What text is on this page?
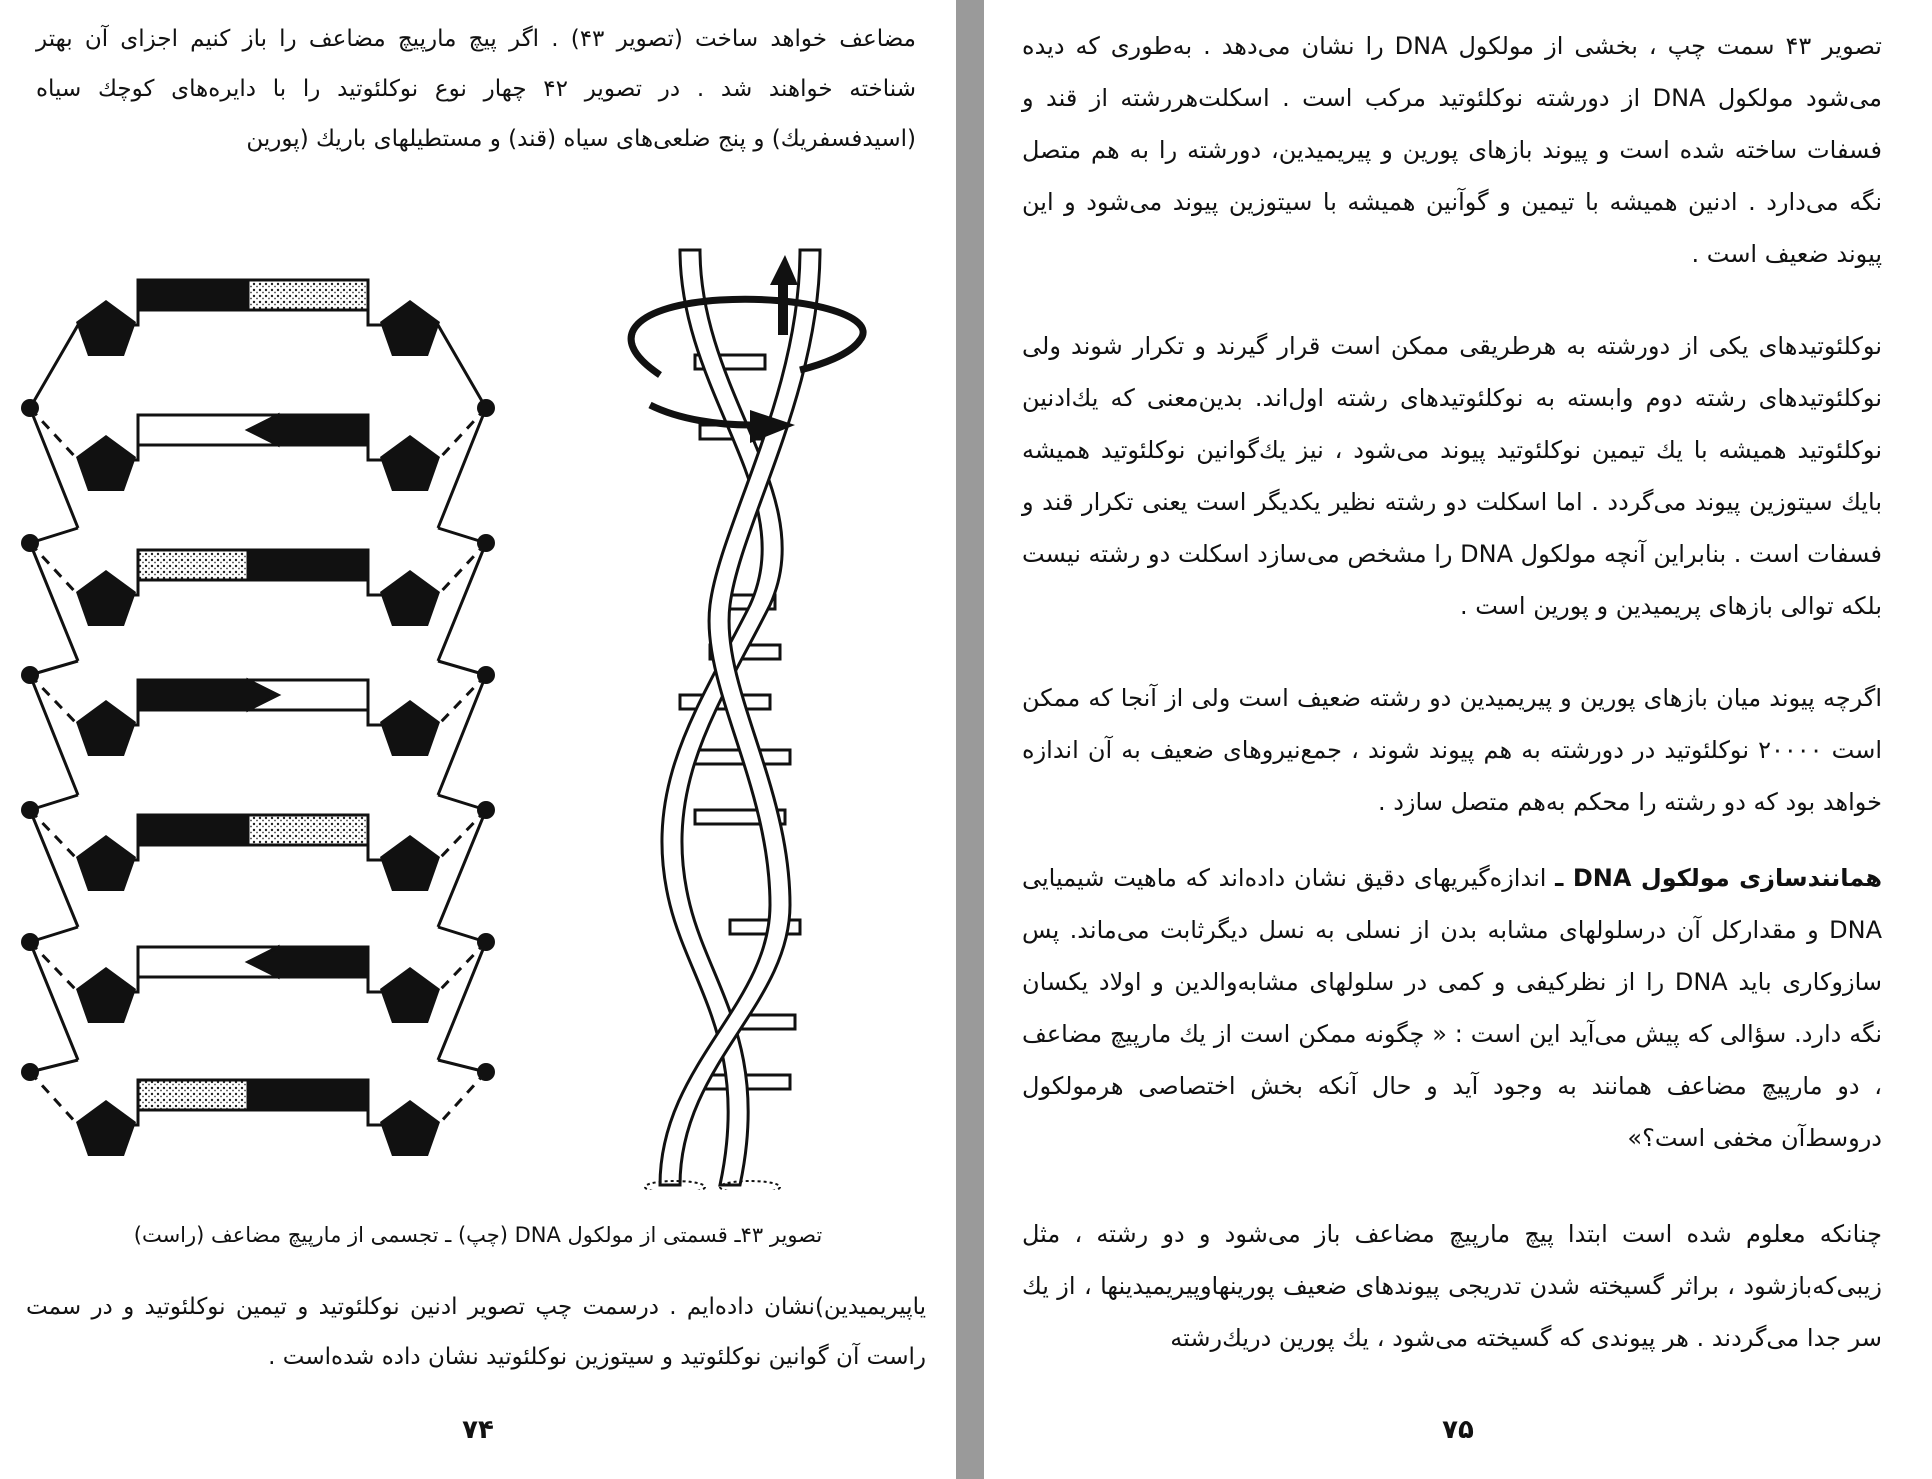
مضاعف خواهد ساخت (تصویر ۴۳) . اگر پیچ مارپیچ مضاعف را باز کنیم اجزای آن بهتر شناخته خواهند شد . در تصویر ۴۲ چهار نوع نوکلئوتید را با دایره‌های کوچك سیاه (اسیدفسفریك) و پنج ضلعی‌های سیاه (قند) و مستطیلهای باریك (پورین

تصویر ۴۳ـ قسمتی از مولکول DNA (چپ) ـ تجسمی از مارپیچ مضاعف (راست)

یاپیریمیدین)نشان داده‌ایم . درسمت چپ تصویر ادنین نوکلئوتید و تیمین نوکلئوتید و در سمت راست آن گوانین نوکلئوتید و سیتوزین نوکلئوتید نشان داده شده‌است .

۷۴

تصویر ۴۳ سمت چپ ، بخشی از مولکول DNA را نشان می‌دهد . به‌طوری که دیده می‌شود مولکول DNA از دورشته نوکلئوتید مرکب است . اسکلت‌هررشته از قند و فسفات ساخته شده است و پیوند بازهای پورین و پیریمیدین، دورشته را به هم متصل نگه می‌دارد . ادنین همیشه با تیمین و گوآنین همیشه با سیتوزین پیوند می‌شود و این پیوند ضعیف است .

نوکلئوتیدهای یکی از دورشته به هرطریقی ممکن است قرار گیرند و تکرار شوند ولی نوکلئوتیدهای رشته دوم وابسته به نوکلئوتیدهای رشته اول‌اند. بدین‌معنی که یك‌ادنین نوکلئوتید همیشه با یك تیمین نوکلئوتید پیوند می‌شود ، نیز یك‌گوانین نوکلئوتید همیشه بایك سیتوزین پیوند می‌گردد . اما اسکلت دو رشته نظیر یکدیگر است یعنی‌ تکرار قند و فسفات است . بنابراین آنچه مولکول DNA را مشخص می‌سازد اسکلت دو رشته نیست بلکه توالی بازهای پریمیدین و پورین است .

اگرچه پیوند میان بازهای پورین و پیریمیدین دو رشته ضعیف است ولی از آنجا که ممکن است ۲۰۰۰۰ نوکلئوتید در دورشته به هم پیوند شوند ، جمع‌نیروهای ضعیف به آن اندازه خواهد بود که دو رشته را محکم به‌هم متصل سازد .

همانندسازی مولکول DNA ـ اندازه‌گیریهای دقیق نشان داده‌اند که ماهیت شیمیایی DNA و مقدارکل آن درسلولهای مشابه بدن از نسلی به نسل دیگرثابت می‌ماند. پس سازوکاری باید DNA را از نظرکیفی و کمی در سلولهای مشابه‌والدین و اولاد یکسان نگه دارد. سؤالی که پیش می‌آید این است : « چگونه ممکن است از یك مارپیچ مضاعف ، دو مارپیچ مضاعف همانند به وجود آید و حال آنکه بخش اختصاصی هرمولکول دروسط‌آن مخفی است؟»

چنانکه معلوم شده است ابتدا پیچ مارپیچ مضاعف باز می‌شود و دو رشته ، مثل زیبی‌که‌بازشود ، براثر گسیخته شدن تدریجی پیوندهای ضعیف پورینهاوپیریمیدینها ، از یك سر جدا می‌گردند . هر پیوندی که گسیخته می‌شود ، یك پورین دریك‌رشته

۷۵
